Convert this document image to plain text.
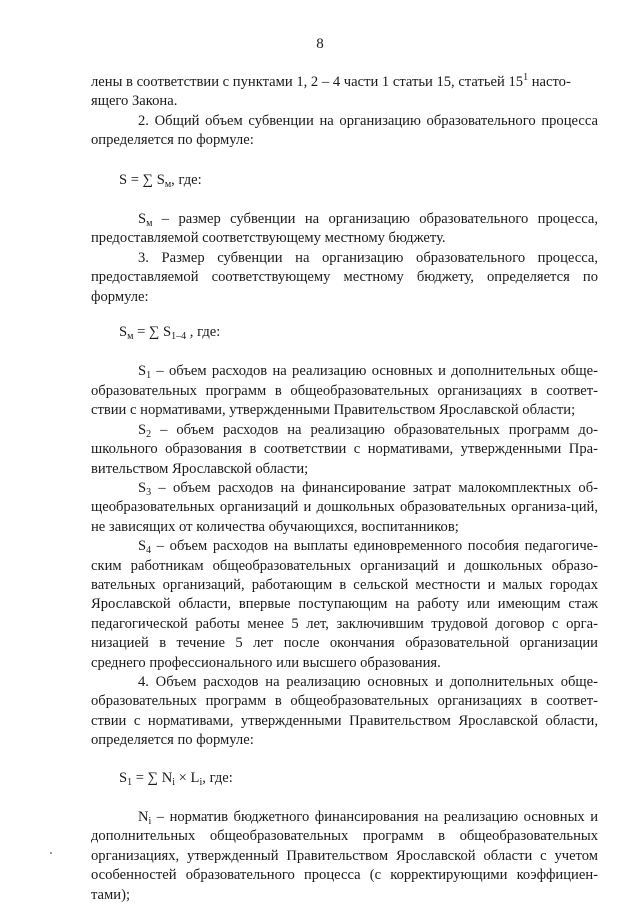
8

лены в соответствии с пунктами 1, 2 – 4 части 1 статьи 15, статьей $15^1$ насто-
ящего Закона.

2. Общий объем субвенции на организацию образовательного процесса определяется по формуле:

S = ∑ $S_м$, где:

$S_м$ – размер субвенции на организацию образовательного процесса, предоставляемой соответствующему местному бюджету.

3. Размер субвенции на организацию образовательного процесса, предоставляемой соответствующему местному бюджету, определяется по формуле:

$S_м$ = ∑ $S_{1-4}$ , где:

$S_1$ – объем расходов на реализацию основных и дополнительных обще-образовательных программ в общеобразовательных организациях в соответ-ствии с нормативами, утвержденными Правительством Ярославской области;

$S_2$ – объем расходов на реализацию образовательных программ до-школьного образования в соответствии с нормативами, утвержденными Пра-вительством Ярославской области;

$S_3$ – объем расходов на финансирование затрат малокомплектных об-щеобразовательных организаций и дошкольных образовательных организа-ций, не зависящих от количества обучающихся, воспитанников;

$S_4$ – объем расходов на выплаты единовременного пособия педагогиче-ским работникам общеобразовательных организаций и дошкольных образо-вательных организаций, работающим в сельской местности и малых городах Ярославской области, впервые поступающим на работу или имеющим стаж педагогической работы менее 5 лет, заключившим трудовой договор с орга-низацией в течение 5 лет после окончания образовательной организации среднего профессионального или высшего образования.

4. Объем расходов на реализацию основных и дополнительных обще-образовательных программ в общеобразовательных организациях в соответ-ствии с нормативами, утвержденными Правительством Ярославской области, определяется по формуле:

$S_1$ = ∑ $N_i \times L_i$, где:

$N_i$ – норматив бюджетного финансирования на реализацию основных и дополнительных общеобразовательных программ в общеобразовательных организациях, утвержденный Правительством Ярославской области с учетом особенностей образовательного процесса (с корректирующими коэффициен-тами);
